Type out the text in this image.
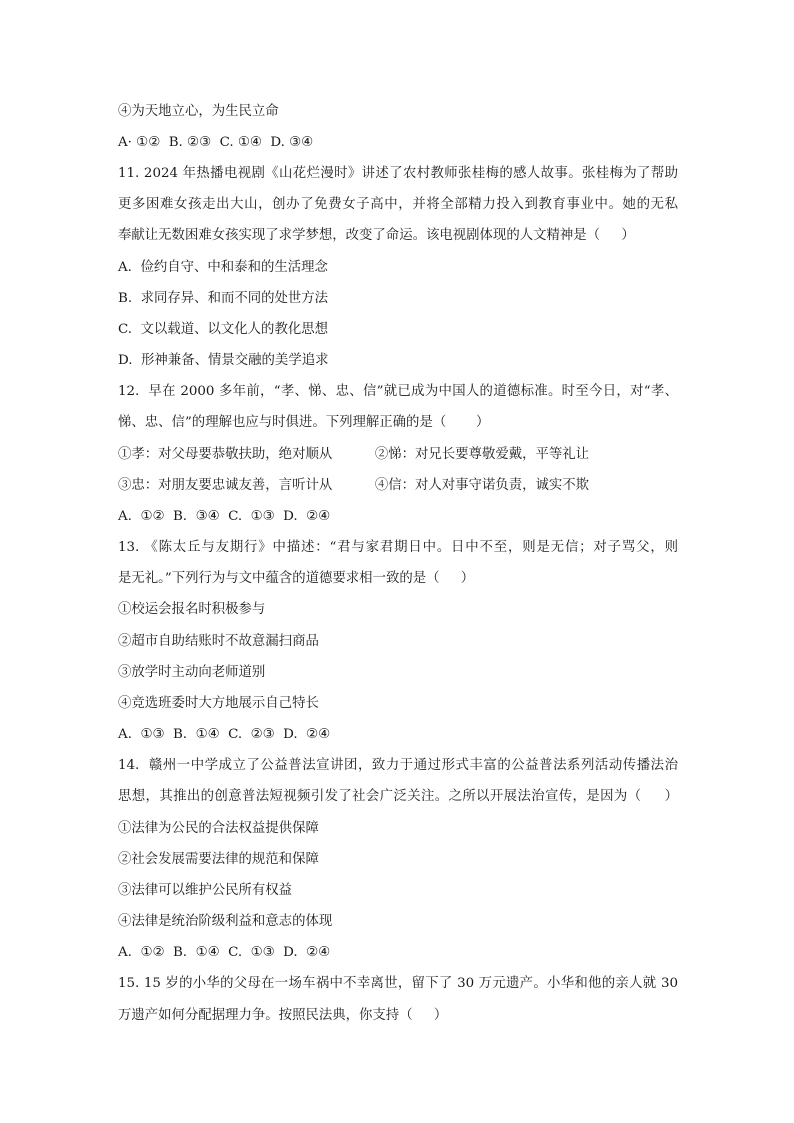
④为天地立心，为生民立命
A· ①②  B. ②③  C. ①④  D. ③④
11. 2024 年热播电视剧《山花烂漫时》讲述了农村教师张桂梅的感人故事。张桂梅为了帮助
更多困难女孩走出大山，创办了免费女子高中，并将全部精力投入到教育事业中。她的无私
奉献让无数困难女孩实现了求学梦想，改变了命运。该电视剧体现的人文精神是（     ）
A.  俭约自守、中和泰和的生活理念
B.  求同存异、和而不同的处世方法
C.  文以载道、以文化人的教化思想
D.  形神兼备、情景交融的美学追求
12.  早在 2000 多年前，“孝、悌、忠、信”就已成为中国人的道德标准。时至今日，对“孝、
悌、忠、信”的理解也应与时俱进。下列理解正确的是（       ）
①孝：对父母要恭敬扶助，绝对顺从          ②悌：对兄长要尊敬爱戴，平等礼让
③忠：对朋友要忠诚友善，言听计从          ④信：对人对事守诺负责，诚实不欺
A.  ①②  B.  ③④  C.  ①③  D.  ②④
13. 《陈太丘与友期行》中描述：“君与家君期日中。日中不至，则是无信；对子骂父，则
是无礼。”下列行为与文中蕴含的道德要求相一致的是（     ）
①校运会报名时积极参与
②超市自助结账时不故意漏扫商品
③放学时主动向老师道别
④竞选班委时大方地展示自己特长
A.  ①③  B.  ①④  C.  ②③  D.  ②④
14.  赣州一中学成立了公益普法宣讲团，致力于通过形式丰富的公益普法系列活动传播法治
思想，其推出的创意普法短视频引发了社会广泛关注。之所以开展法治宣传，是因为（     ）
①法律为公民的合法权益提供保障
②社会发展需要法律的规范和保障
③法律可以维护公民所有权益
④法律是统治阶级利益和意志的体现
A.  ①②  B.  ①④  C.  ①③  D.  ②④
15. 15 岁的小华的父母在一场车祸中不幸离世，留下了 30 万元遗产。小华和他的亲人就 30
万遗产如何分配据理力争。按照民法典，你支持（     ）
